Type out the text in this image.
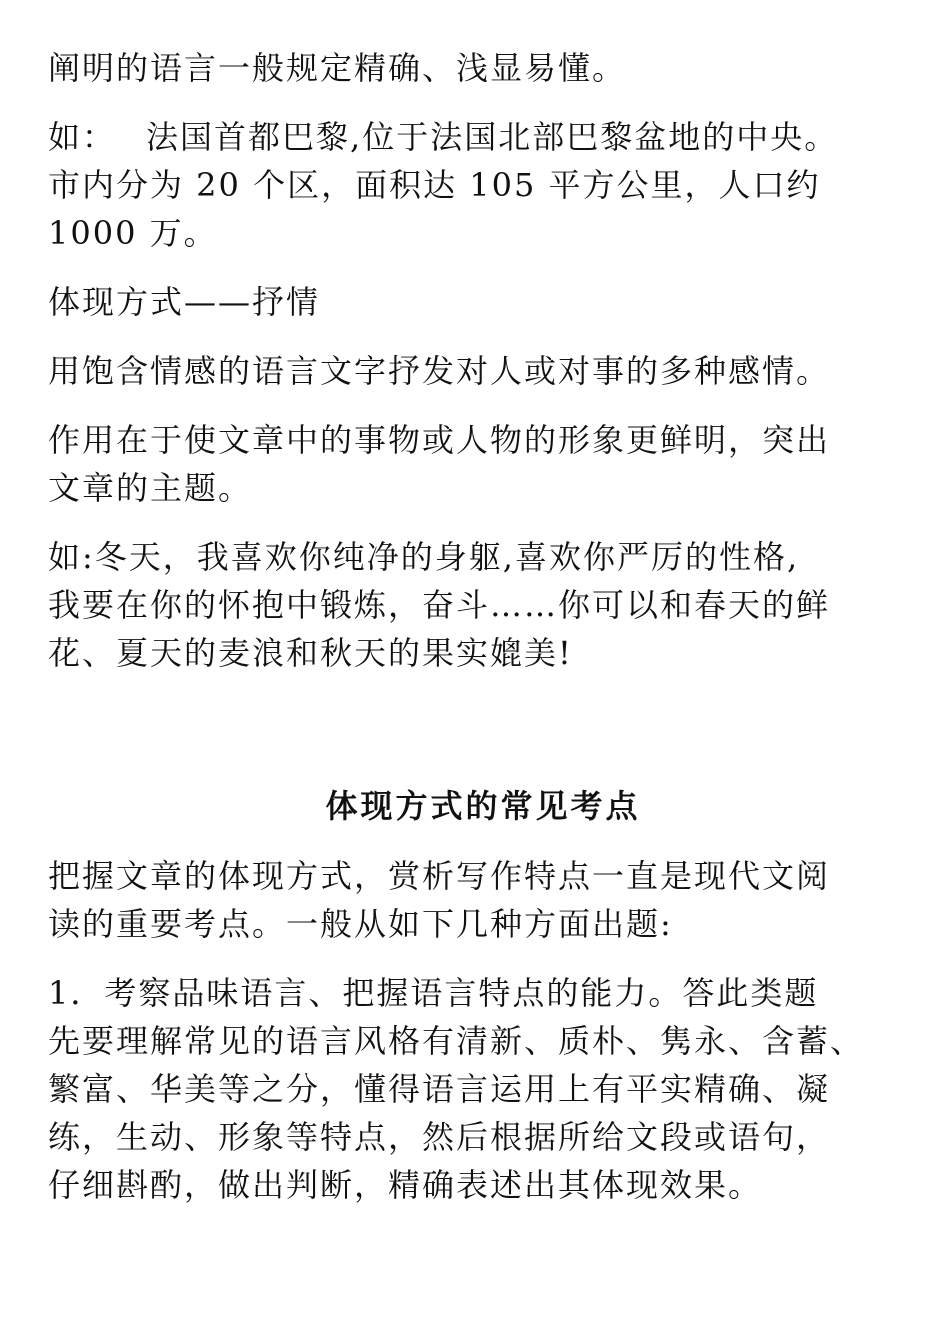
阐明的语言一般规定精确、浅显易懂。

如： 法国首都巴黎,位于法国北部巴黎盆地的中央。
市内分为 20 个区，面积达 105 平方公里，人口约
1000 万。

体现方式——抒情

用饱含情感的语言文字抒发对人或对事的多种感情。

作用在于使文章中的事物或人物的形象更鲜明，突出
文章的主题。

如:冬天，我喜欢你纯净的身躯,喜欢你严厉的性格,
我要在你的怀抱中锻炼，奋斗……你可以和春天的鲜
花、夏天的麦浪和秋天的果实媲美!

体现方式的常见考点

把握文章的体现方式，赏析写作特点一直是现代文阅
读的重要考点。一般从如下几种方面出题:

1．考察品味语言、把握语言特点的能力。答此类题
先要理解常见的语言风格有清新、质朴、隽永、含蓄、
繁富、华美等之分，懂得语言运用上有平实精确、凝
练，生动、形象等特点，然后根据所给文段或语句，
仔细斟酌，做出判断，精确表述出其体现效果。
